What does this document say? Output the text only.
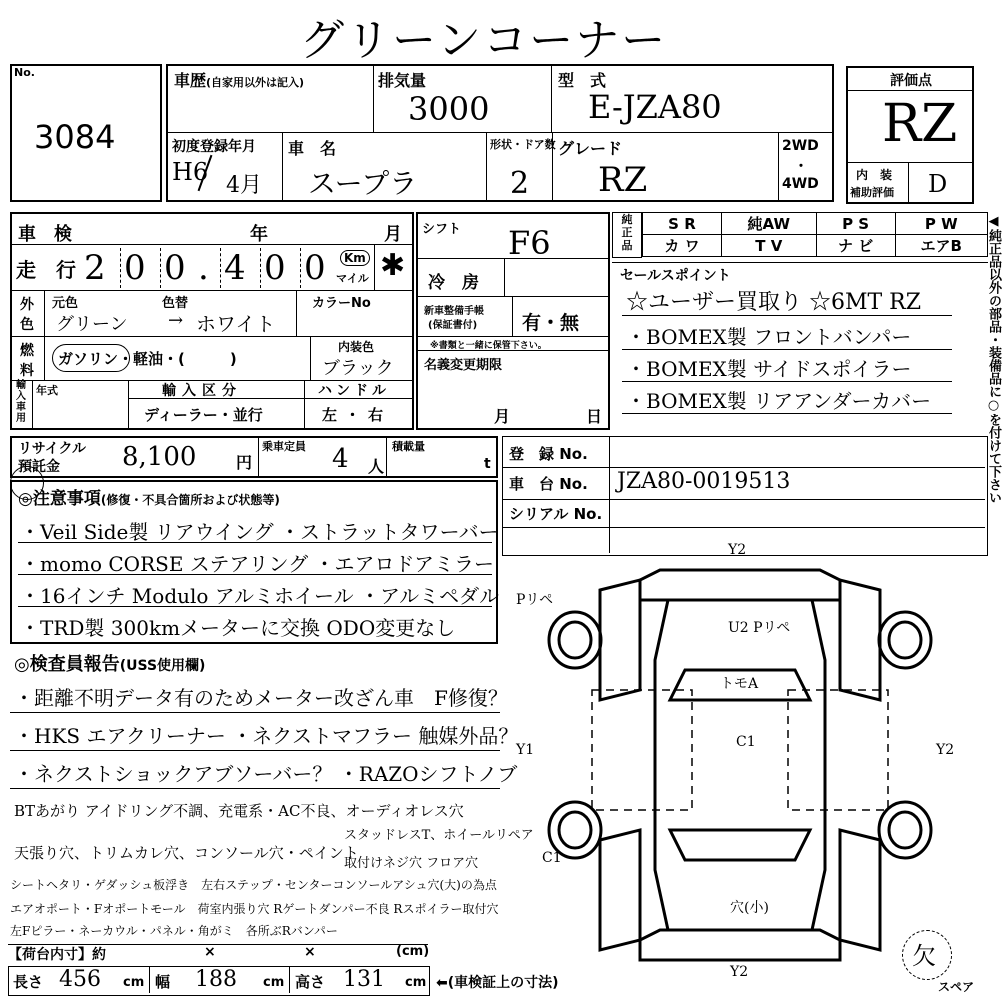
グリーンコーナー
No.
3084
車歴(自家用以外は記入)	排気量
3000
型　式
E-JZA80
初度登録年月
H6 4月
車　名
スープラ
形状・ドア数
2
グレード
RZ
2WD
・
4WD
評価点
RZ
内　装
補助評価 D
車　検	年	月
走　行 2 0 0 . 4 0 0	Km
マイル ✱
外
色
元色	色替	カラーNo
グリーン → ホワイト
燃
料
ガソリン・軽油・(　　　)
内装色
ブラック
輸
入
車
用
年式	輸入区分
ディーラー・並行
ハンドル
左・右
シフト F6
冷　房
新車整備手帳
(保証書付) 有・無
※書類と一緒に保管下さい。
名義変更期限
月	日
純
正
品
S R	純AW	P S	P W
カ ワ	T V	ナ ビ	エアB
セールスポイント
☆ユーザー買取り ☆6MT RZ
・BOMEX製 フロントバンパー
・BOMEX製 サイドスポイラー
・BOMEX製 リアアンダーカバー	◀純正品以外の部品・装備品に○を付けて下さい
リサイクル
預託金 8,100 円
乗車定員 4 人
積載量
t
登　録 No.
車　台 No. JZA80-0019513
シリアル No.
◎注意事項(修復・不具合箇所および状態等)
・Veil Side製 リアウイング ・ストラットタワーバー
・momo CORSE ステアリング ・エアロドアミラー
・16インチ Modulo アルミホイール ・アルミペダル
・TRD製 300kmメーターに交換 ODO変更なし
◎検査員報告(USS使用欄)
・距離不明データ有のためメーター改ざん車　F修復？
・HKS エアクリーナー ・ネクストマフラー 触媒外品？
・ネクストショックアブソーバー？ ・RAZOシフトノブ
BTあがり アイドリング不調、充電系・AC不良、オーディオレス穴
天張り穴、トリムカレ穴、コンソール穴・ペイント
スタッドレスT、ホイールリペア
取付けネジ穴 フロア穴
シートヘタリ・ゲダッシュ板浮き　左右ステップ・センターコンソールアシュ穴(大)の為点
エアオポート・Fオポートモール　荷室内張り穴 Rゲートダンパー不良 Rスポイラー取付穴
左Fピラー・ネーカウル・パネル・角がミ　各所ぶRバンパー
Y2
Pリペ
U2 Pリペ
トモA
C1
Y1	Y2
C1
穴(小)
Y2
【荷台内寸】約	×	×	(cm)
長さ 456 cm 幅 188 cm 高さ 131 cm ⬅(車検証上の寸法)
欠
スペア
